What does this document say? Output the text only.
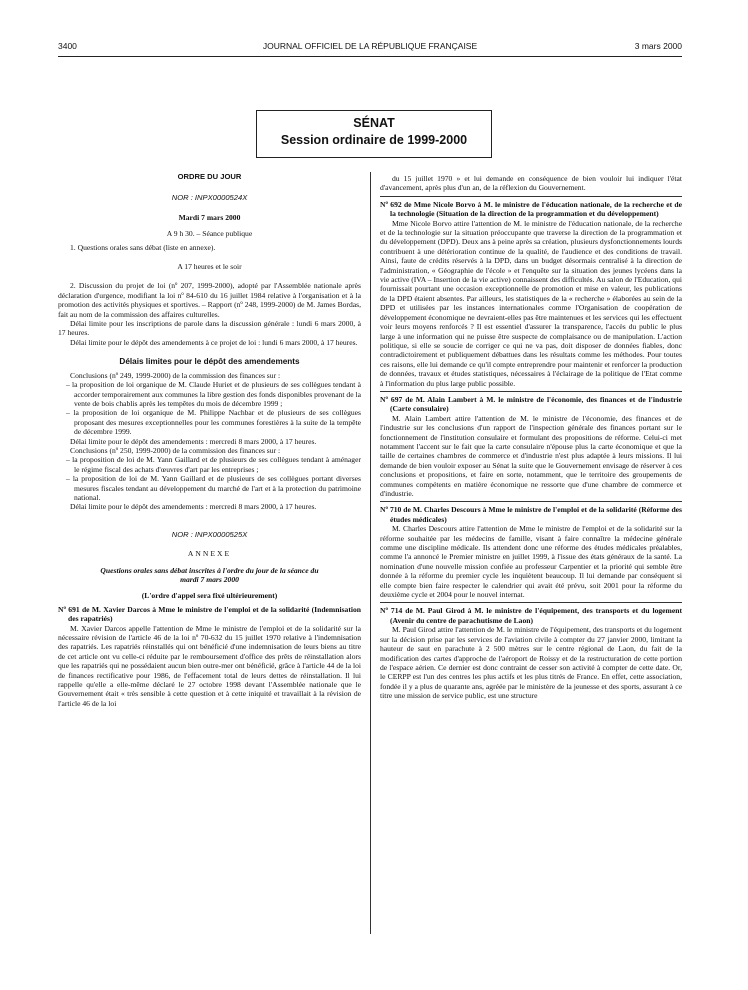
3400	JOURNAL OFFICIEL DE LA RÉPUBLIQUE FRANÇAISE	3 mars 2000
SÉNAT
Session ordinaire de 1999-2000

ORDRE DU JOUR

NOR : INPX0000524X

Mardi 7 mars 2000

A 9 h 30. – Séance publique

1. Questions orales sans débat (liste en annexe).

A 17 heures et le soir

2. Discussion du projet de loi (nº 207, 1999-2000), adopté par l'Assemblée nationale après déclaration d'urgence, modifiant la loi nº 84-610 du 16 juillet 1984 relative à l'organisation et à la promotion des activités physiques et sportives. – Rapport (nº 248, 1999-2000) de M. James Bordas, fait au nom de la commission des affaires culturelles.

Délai limite pour les inscriptions de parole dans la discussion générale : lundi 6 mars 2000, à 17 heures.

Délai limite pour le dépôt des amendements à ce projet de loi : lundi 6 mars 2000, à 17 heures.

Délais limites pour le dépôt des amendements

Conclusions (nº 249, 1999-2000) de la commission des finances sur :

– la proposition de loi organique de M. Claude Huriet et de plusieurs de ses collègues tendant à accorder temporairement aux communes la libre gestion des fonds disponibles provenant de la vente de bois chablis après les tempêtes du mois de décembre 1999 ;

– la proposition de loi organique de M. Philippe Nachbar et de plusieurs de ses collègues proposant des mesures exceptionnelles pour les communes forestières à la suite de la tempête de décembre 1999.

Délai limite pour le dépôt des amendements : mercredi 8 mars 2000, à 17 heures.

Conclusions (nº 250, 1999-2000) de la commission des finances sur :

– la proposition de loi de M. Yann Gaillard et de plusieurs de ses collègues tendant à aménager le régime fiscal des achats d'œuvres d'art par les entreprises ;

– la proposition de loi de M. Yann Gaillard et de plusieurs de ses collègues portant diverses mesures fiscales tendant au développement du marché de l'art et à la protection du patrimoine national.

Délai limite pour le dépôt des amendements : mercredi 8 mars 2000, à 17 heures.

NOR : INPX0000525X

ANNEXE

Questions orales sans débat inscrites à l'ordre du jour de la séance du mardi 7 mars 2000

(L'ordre d'appel sera fixé ultérieurement)

Nº 691 de M. Xavier Darcos à Mme le ministre de l'emploi et de la solidarité (Indemnisation des rapatriés)

M. Xavier Darcos appelle l'attention de Mme le ministre de l'emploi et de la solidarité sur la nécessaire révision de l'article 46 de la loi nº 70-632 du 15 juillet 1970 relative à l'indemnisation des rapatriés. Les rapatriés réinstallés qui ont bénéficié d'une indemnisation de leurs biens au titre de cet article ont vu celle-ci réduite par le remboursement d'office des prêts de réinstallation alors que les rapatriés qui ne possédaient aucun bien outre-mer ont bénéficié, grâce à l'article 44 de la loi de finances rectificative pour 1986, de l'effacement total de leurs dettes de réinstallation. Il lui rappelle qu'elle a elle-même déclaré le 27 octobre 1998 devant l'Assemblée nationale que le Gouvernement était « très sensible à cette question et à cette iniquité et travaillait à la révision de l'article 46 de la loi

du 15 juillet 1970 » et lui demande en conséquence de bien vouloir lui indiquer l'état d'avancement, après plus d'un an, de la réflexion du Gouvernement.

Nº 692 de Mme Nicole Borvo à M. le ministre de l'éducation nationale, de la recherche et de la technologie (Situation de la direction de la programmation et du développement)

Mme Nicole Borvo attire l'attention de M. le ministre de l'éducation nationale, de la recherche et de la technologie sur la situation préoccupante que traverse la direction de la programmation et du développement (DPD). Deux ans à peine après sa création, plusieurs dysfonctionnements lourds contribuent à une détérioration continue de la qualité, de l'audience et des conditions de travail. Ainsi, faute de crédits réservés à la DPD, dans un budget désormais centralisé à la direction de l'administration, « Géographie de l'école » et l'enquête sur la situation des jeunes lycéens dans la vie active (IVA – Insertion de la vie active) connaissent des difficultés. Au salon de l'Education, qui fournissait pourtant une occasion exceptionnelle de promotion et mise en valeur, les publications de la DPD étaient absentes. Par ailleurs, les statistiques de la « recherche » élaborées au sein de la DPD et utilisées par les instances internationales comme l'Organisation de coopération de développement économique ne devraient-elles pas être maintenues et les services qui les effectuent voir leurs moyens renforcés ? Il est essentiel d'assurer la transparence, l'accès du public le plus large à une information qui ne puisse être suspecte de complaisance ou de manipulation. L'action politique, si elle se soucie de corriger ce qui ne va pas, doit disposer de données fiables, donc contradictoirement et publiquement débattues dans les résultats comme les méthodes. Pour toutes ces raisons, elle lui demande ce qu'il compte entreprendre pour maintenir et renforcer la production de données, travaux et études statistiques, nécessaires à l'éclairage de la politique de l'Etat comme à l'information du plus large public possible.

Nº 697 de M. Alain Lambert à M. le ministre de l'économie, des finances et de l'industrie (Carte consulaire)

M. Alain Lambert attire l'attention de M. le ministre de l'économie, des finances et de l'industrie sur les conclusions d'un rapport de l'inspection générale des finances portant sur le fonctionnement de l'institution consulaire et formulant des propositions de réforme. Celui-ci met notamment l'accent sur le fait que la carte consulaire n'épouse plus la carte économique et que la taille de certaines chambres de commerce et d'industrie n'est plus adaptée à leurs missions. Il lui demande de bien vouloir exposer au Sénat la suite que le Gouvernement envisage de réserver à ces conclusions et propositions, et faire en sorte, notamment, que le territoire des groupements de communes compétents en matière économique ne ressorte que d'une chambre de commerce et d'industrie.

Nº 710 de M. Charles Descours à Mme le ministre de l'emploi et de la solidarité (Réforme des études médicales)

M. Charles Descours attire l'attention de Mme le ministre de l'emploi et de la solidarité sur la réforme souhaitée par les médecins de famille, visant à faire connaître la médecine générale comme une discipline médicale. Ils attendent donc une réforme des études médicales préalables, comme l'a annoncé le Premier ministre en juillet 1999, à l'issue des états généraux de la santé. La nomination d'une nouvelle mission confiée au professeur Carpentier et la priorité qui semble être donnée à la réforme du premier cycle les inquiètent beaucoup. Il lui demande par conséquent si elle compte bien faire respecter le calendrier qui avait été prévu, soit 2001 pour la réforme du deuxième cycle et 2004 pour le nouvel internat.

Nº 714 de M. Paul Girod à M. le ministre de l'équipement, des transports et du logement (Avenir du centre de parachutisme de Laon)

M. Paul Girod attire l'attention de M. le ministre de l'équipement, des transports et du logement sur la décision prise par les services de l'aviation civile à compter du 27 janvier 2000, limitant la hauteur de saut en parachute à 2 500 mètres sur le centre régional de Laon, du fait de la modification des cartes d'approche de l'aéroport de Roissy et de la restructuration de cette portion de l'espace aérien. Ce dernier est donc contraint de cesser son activité à compter de cette date. Or, le CERPP est l'un des centres les plus actifs et les plus titrés de France. En effet, cette association, fondée il y a plus de quarante ans, agréée par le ministère de la jeunesse et des sports, assurant à ce titre une mission de service public, est une structure
